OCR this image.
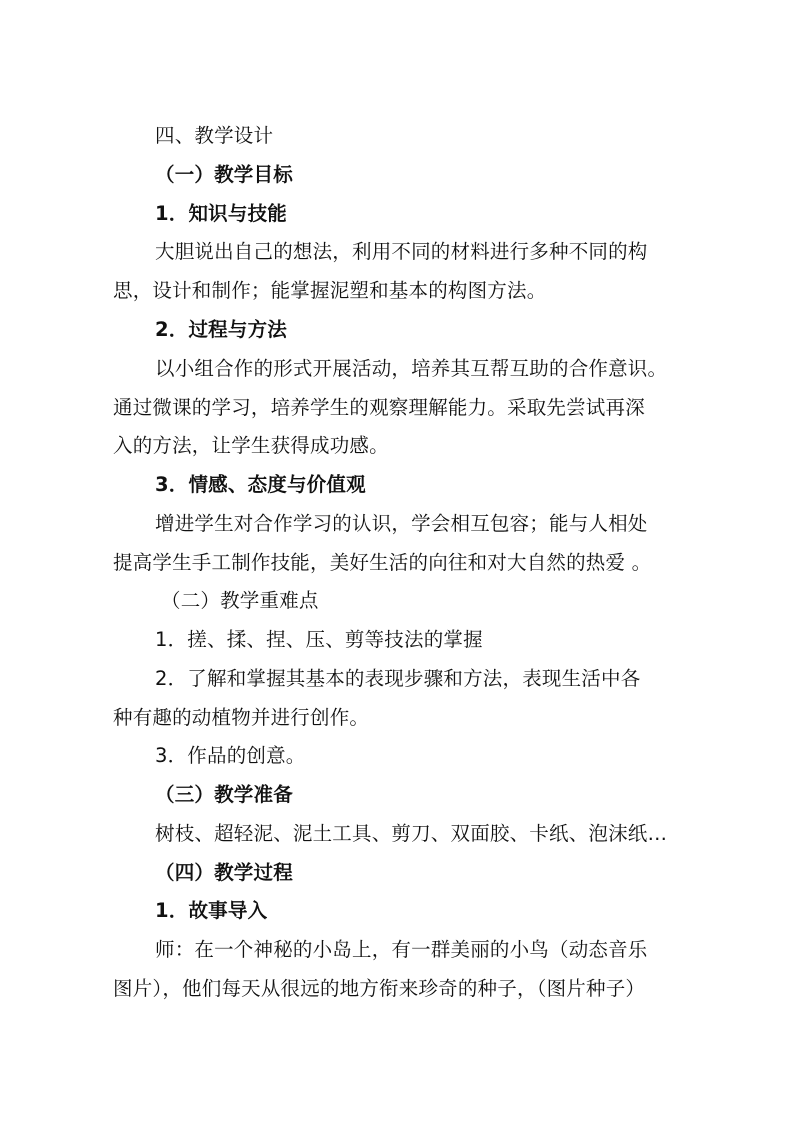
四、教学设计
（一）教学目标
1．知识与技能
大胆说出自己的想法，利用不同的材料进行多种不同的构
思，设计和制作；能掌握泥塑和基本的构图方法。
2．过程与方法
以小组合作的形式开展活动，培养其互帮互助的合作意识。
通过微课的学习，培养学生的观察理解能力。采取先尝试再深
入的方法，让学生获得成功感。
3．情感、态度与价值观
增进学生对合作学习的认识，学会相互包容；能与人相处
提高学生手工制作技能，美好生活的向往和对大自然的热爱 。
（二）教学重难点
1．搓、揉、捏、压、剪等技法的掌握
2．了解和掌握其基本的表现步骤和方法，表现生活中各
种有趣的动植物并进行创作。
3．作品的创意。
（三）教学准备
树枝、超轻泥、泥土工具、剪刀、双面胶、卡纸、泡沫纸…
（四）教学过程
1．故事导入
师：在一个神秘的小岛上，有一群美丽的小鸟（动态音乐
图片），他们每天从很远的地方衔来珍奇的种子，（图片种子）
